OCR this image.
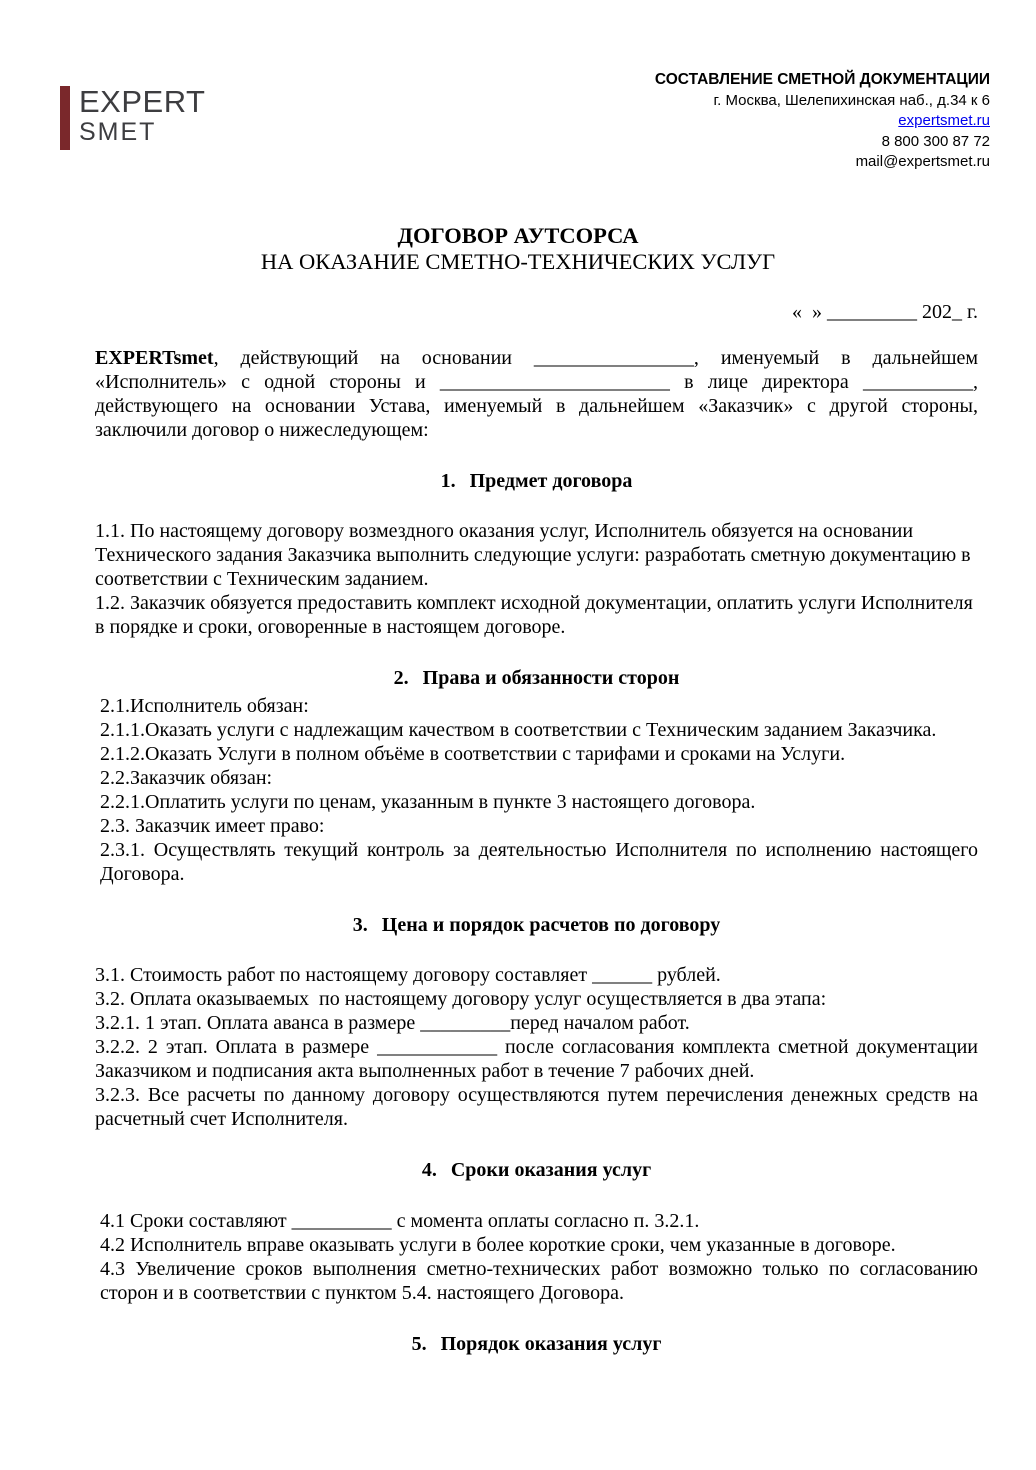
EXPERT
SMET
СОСТАВЛЕНИЕ СМЕТНОЙ ДОКУМЕНТАЦИИ
г. Москва, Шелепихинская наб., д.34 к 6
expertsmet.ru
8 800 300 87 72
mail@expertsmet.ru
ДОГОВОР АУТСОРСА
НА ОКАЗАНИЕ СМЕТНО-ТЕХНИЧЕСКИХ УСЛУГ
«  » _________ 202_ г.

EXPERTsmet, действующий на основании ________________, именуемый в дальнейшем «Исполнитель» с одной стороны и _______________________ в лице директора ___________, действующего на основании Устава, именуемый в дальнейшем «Заказчик» с другой стороны, заключили договор о нижеследующем:

1. Предмет договора

1.1. По настоящему договору возмездного оказания услуг, Исполнитель обязуется на основании Технического задания Заказчика выполнить следующие услуги: разработать сметную документацию в соответствии с Техническим заданием.

1.2. Заказчик обязуется предоставить комплект исходной документации, оплатить услуги Исполнителя в порядке и сроки, оговоренные в настоящем договоре.

2. Права и обязанности сторон

2.1.Исполнитель обязан:

2.1.1.Оказать услуги с надлежащим качеством в соответствии с Техническим заданием Заказчика.

2.1.2.Оказать Услуги в полном объёме в соответствии с тарифами и сроками на Услуги.

2.2.Заказчик обязан:

2.2.1.Оплатить услуги по ценам, указанным в пункте 3 настоящего договора.

2.3. Заказчик имеет право:

2.3.1. Осуществлять текущий контроль за деятельностью Исполнителя по исполнению настоящего Договора.

3. Цена и порядок расчетов по договору

3.1. Стоимость работ по настоящему договору составляет ______ рублей.

3.2. Оплата оказываемых  по настоящему договору услуг осуществляется в два этапа:

3.2.1. 1 этап. Оплата аванса в размере _________перед началом работ.

3.2.2. 2 этап. Оплата в размере ____________ после согласования комплекта сметной документации Заказчиком и подписания акта выполненных работ в течение 7 рабочих дней.

3.2.3. Все расчеты по данному договору осуществляются путем перечисления денежных средств на расчетный счет Исполнителя.

4. Сроки оказания услуг

4.1 Сроки составляют __________ с момента оплаты согласно п. 3.2.1.

4.2 Исполнитель вправе оказывать услуги в более короткие сроки, чем указанные в договоре.

4.3 Увеличение сроков выполнения сметно-технических работ возможно только по согласованию сторон и в соответствии с пунктом 5.4. настоящего Договора.

5. Порядок оказания услуг
